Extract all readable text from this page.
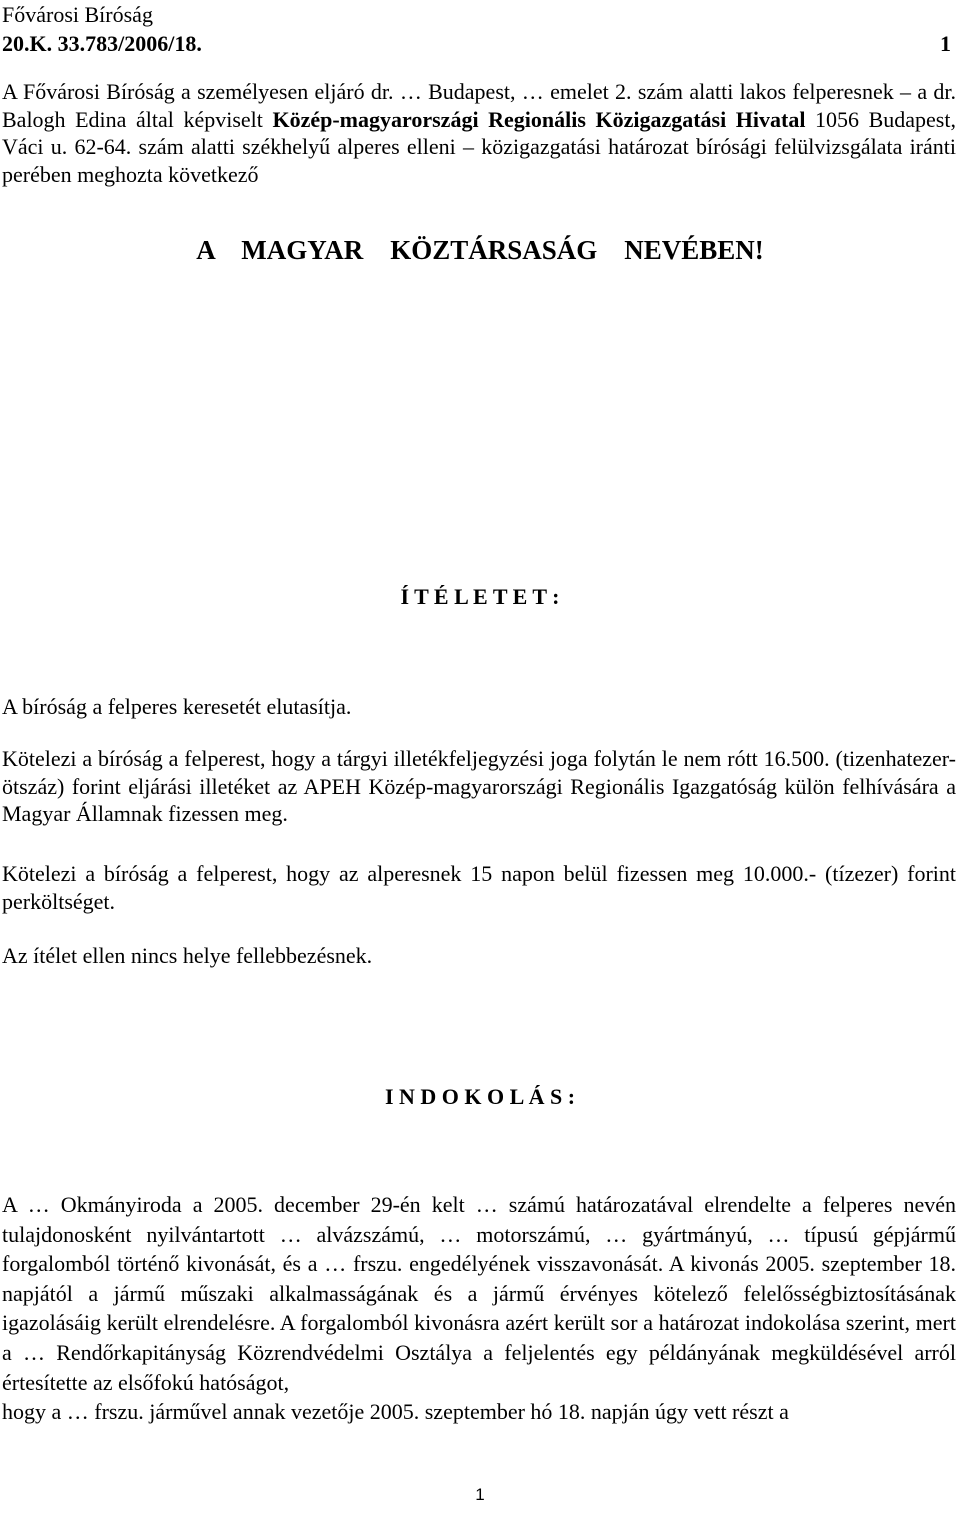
Fővárosi Bíróság
20.K. 33.783/2006/18.	1
A    MAGYAR    KÖZTÁRSASÁG    NEVÉBEN!

A Fővárosi Bíróság a személyesen eljáró dr. … Budapest, … emelet 2. szám alatti lakos felperesnek – a dr. Balogh Edina által képviselt Közép-magyarországi Regionális Közigazgatási Hivatal 1056 Budapest, Váci u. 62-64. szám alatti székhelyű alperes elleni – közigazgatási határozat bírósági felülvizsgálata iránti perében meghozta következő

Í T É L E T E T :

A bíróság a felperes keresetét elutasítja.

Kötelezi a bíróság a felperest, hogy a tárgyi illetékfeljegyzési joga folytán le nem rótt 16.500. (tizenhatezer-ötszáz) forint eljárási illetéket az APEH Közép-magyarországi Regionális Igazgatóság külön felhívására a Magyar Államnak fizessen meg.

Kötelezi a bíróság a felperest, hogy az alperesnek 15 napon belül fizessen meg 10.000.- (tízezer) forint perköltséget.

Az ítélet ellen nincs helye fellebbezésnek.

I N D O K O L Á S :

A … Okmányiroda a 2005. december 29-én kelt … számú határozatával elrendelte a felperes nevén tulajdonosként nyilvántartott … alvázszámú, … motorszámú, … gyártmányú, … típusú gépjármű forgalomból történő kivonását, és a … frszu. engedélyének visszavonását. A kivonás 2005. szeptember 18. napjától a jármű műszaki alkalmasságának és a jármű érvényes kötelező felelősségbiztosításának igazolásáig került elrendelésre. A forgalomból kivonásra azért került sor a határozat indokolása szerint, mert a … Rendőrkapitányság Közrendvédelmi Osztálya a feljelentés egy példányának megküldésével arról értesítette az elsőfokú hatóságot,

hogy a … frszu. járművel annak vezetője 2005. szeptember hó 18. napján úgy vett részt a

1
